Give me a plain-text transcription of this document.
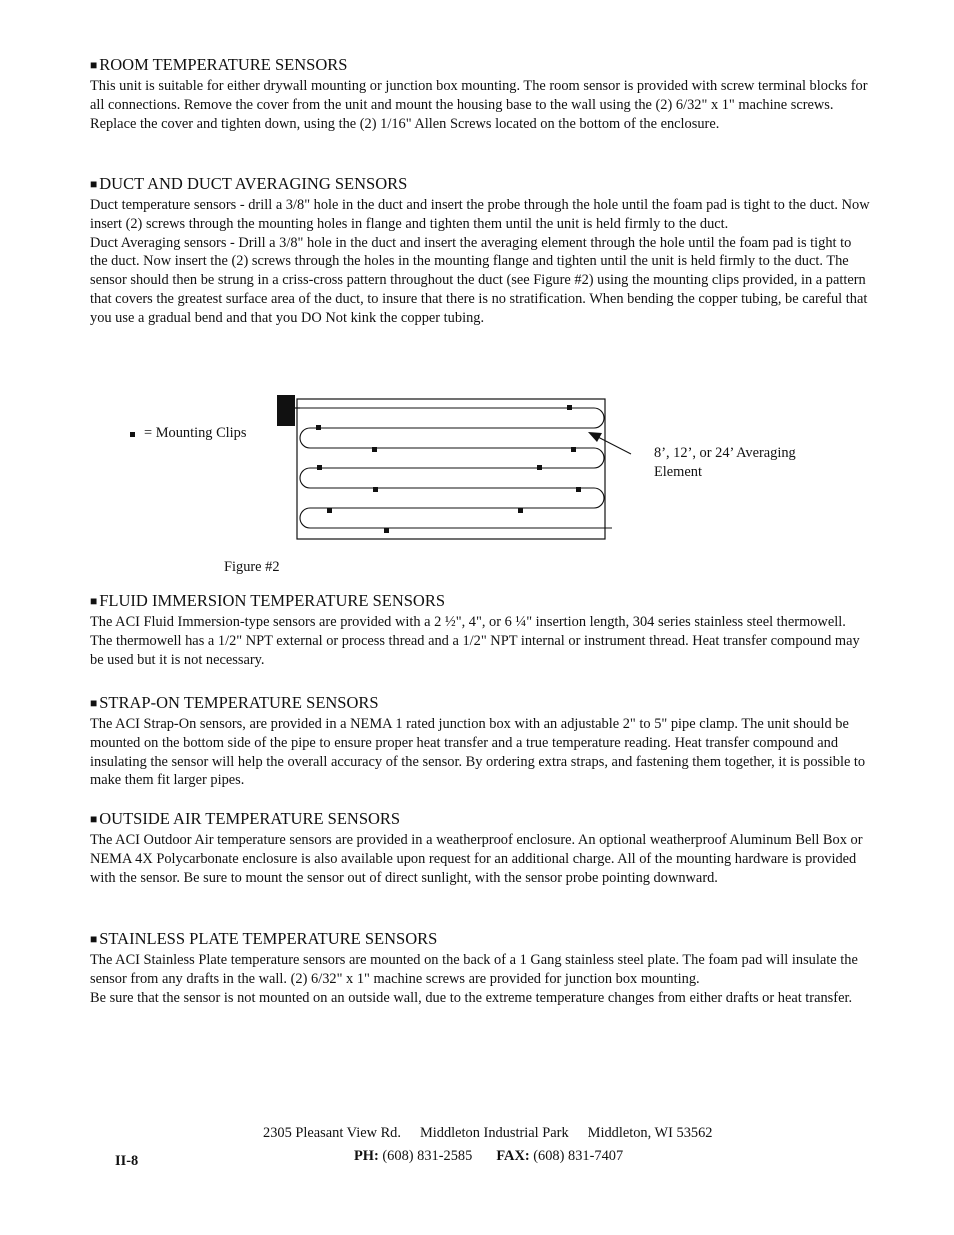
■ ROOM TEMPERATURE SENSORS

This unit is suitable for either drywall mounting or junction box mounting. The room sensor is provided with screw terminal blocks for all connections. Remove the cover from the unit and mount the housing base to the wall using the (2) 6/32" x 1" machine screws. Replace the cover and tighten down, using the (2) 1/16" Allen Screws located on the bottom of the enclosure.

■ DUCT AND DUCT AVERAGING SENSORS

Duct temperature sensors - drill a 3/8" hole in the duct and insert the probe through the hole until the foam pad is tight to the duct. Now insert (2) screws through the mounting holes in flange and tighten them until the unit is held firmly to the duct.

Duct Averaging sensors - Drill a 3/8" hole in the duct and insert the averaging element through the hole until the foam pad is tight to the duct. Now insert the (2) screws through the holes in the mounting flange and tighten until the unit is held firmly to the duct. The sensor should then be strung in a criss-cross pattern throughout the duct (see Figure #2) using the mounting clips provided, in a pattern that covers the greatest surface area of the duct, to insure that there is no stratification. When bending the copper tubing, be careful that you use a gradual bend and that you DO Not kink the copper tubing.

= Mounting Clips
8’, 12’, or 24’ Averaging
Element
Figure #2
■ FLUID IMMERSION TEMPERATURE SENSORS

The ACI Fluid Immersion-type sensors are provided with a 2 ½", 4", or 6 ¼" insertion length, 304 series stainless steel thermowell. The thermowell has a 1/2" NPT external or process thread and a 1/2" NPT internal or instrument thread. Heat transfer compound may be used but it is not necessary.

■ STRAP-ON TEMPERATURE SENSORS

The ACI Strap-On sensors, are provided in a NEMA 1 rated junction box with an adjustable 2" to 5" pipe clamp. The unit should be mounted on the bottom side of the pipe to ensure proper heat transfer and a true temperature reading. Heat transfer compound and insulating the sensor will help the overall accuracy of the sensor. By ordering extra straps, and fastening them together, it is possible to make them fit larger pipes.

■ OUTSIDE AIR TEMPERATURE SENSORS

The ACI Outdoor Air temperature sensors are provided in a weatherproof enclosure. An optional weatherproof Aluminum Bell Box or NEMA 4X Polycarbonate enclosure is also available upon request for an additional charge. All of the mounting hardware is provided with the sensor. Be sure to mount the sensor out of direct sunlight, with the sensor probe pointing downward.

■ STAINLESS PLATE TEMPERATURE SENSORS

The ACI Stainless Plate temperature sensors are mounted on the back of a 1 Gang stainless steel plate. The foam pad will insulate the sensor from any drafts in the wall. (2) 6/32" x 1" machine screws are provided for junction box mounting.

Be sure that the sensor is not mounted on an outside wall, due to the extreme temperature changes from either drafts or heat transfer.

2305 Pleasant View Rd. Middleton Industrial Park Middleton, WI 53562
PH: (608) 831-2585 FAX: (608) 831-7407
II-8
